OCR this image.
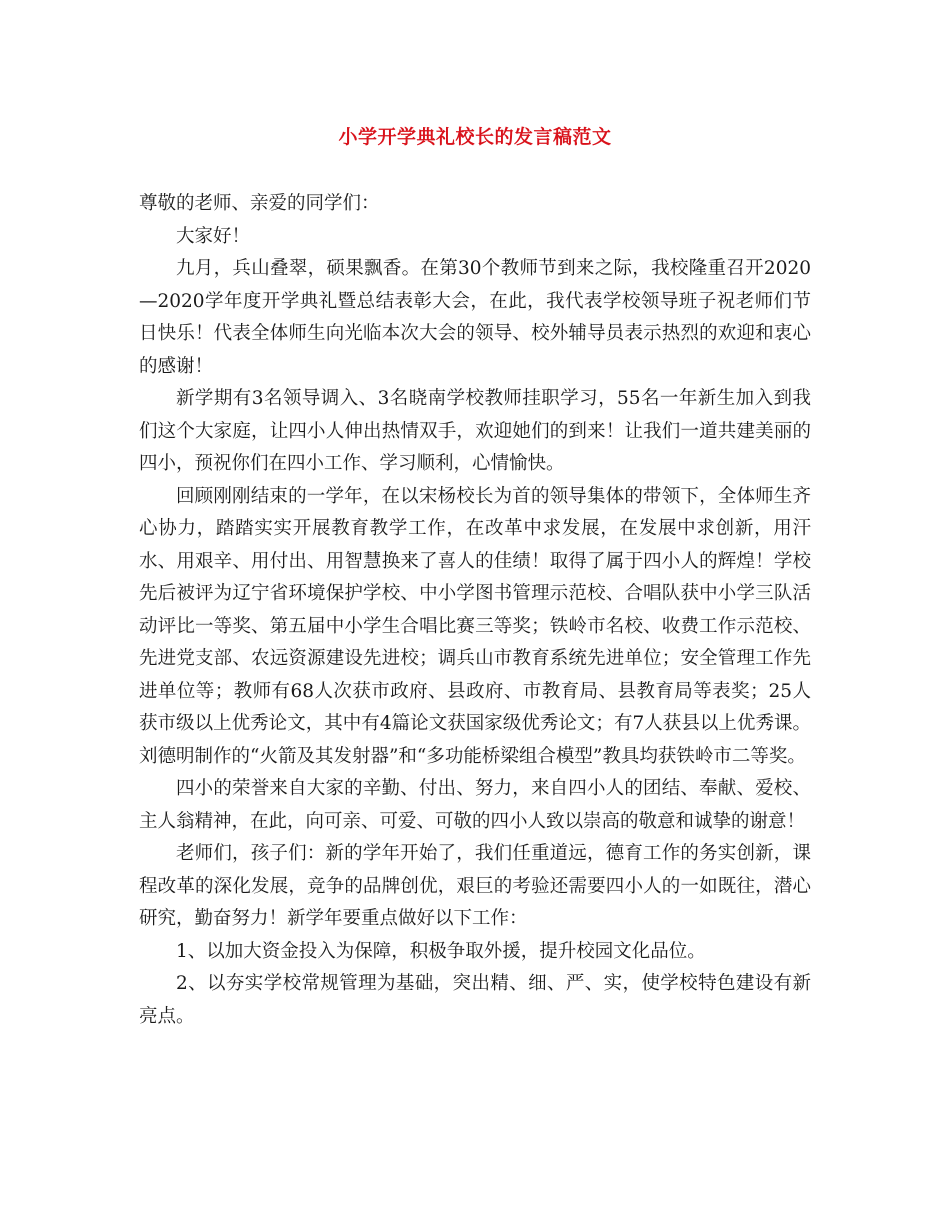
小学开学典礼校长的发言稿范文

尊敬的老师、亲爱的同学们：

大家好！

九月，兵山叠翠，硕果飘香。在第30个教师节到来之际，我校隆重召开2020—2020学年度开学典礼暨总结表彰大会，在此，我代表学校领导班子祝老师们节日快乐！代表全体师生向光临本次大会的领导、校外辅导员表示热烈的欢迎和衷心的感谢！

新学期有3名领导调入、3名晓南学校教师挂职学习，55名一年新生加入到我们这个大家庭，让四小人伸出热情双手，欢迎她们的到来！让我们一道共建美丽的四小，预祝你们在四小工作、学习顺利，心情愉快。

回顾刚刚结束的一学年，在以宋杨校长为首的领导集体的带领下，全体师生齐心协力，踏踏实实开展教育教学工作，在改革中求发展，在发展中求创新，用汗水、用艰辛、用付出、用智慧换来了喜人的佳绩！取得了属于四小人的辉煌！学校先后被评为辽宁省环境保护学校、中小学图书管理示范校、合唱队获中小学三队活动评比一等奖、第五届中小学生合唱比赛三等奖；铁岭市名校、收费工作示范校、先进党支部、农远资源建设先进校；调兵山市教育系统先进单位；安全管理工作先进单位等；教师有68人次获市政府、县政府、市教育局、县教育局等表奖；25人获市级以上优秀论文，其中有4篇论文获国家级优秀论文；有7人获县以上优秀课。刘德明制作的“火箭及其发射器”和“多功能桥梁组合模型”教具均获铁岭市二等奖。

四小的荣誉来自大家的辛勤、付出、努力，来自四小人的团结、奉献、爱校、主人翁精神，在此，向可亲、可爱、可敬的四小人致以崇高的敬意和诚挚的谢意！

老师们，孩子们：新的学年开始了，我们任重道远，德育工作的务实创新，课程改革的深化发展，竞争的品牌创优，艰巨的考验还需要四小人的一如既往，潜心研究，勤奋努力！新学年要重点做好以下工作：

1、以加大资金投入为保障，积极争取外援，提升校园文化品位。

2、以夯实学校常规管理为基础，突出精、细、严、实，使学校特色建设有新亮点。
